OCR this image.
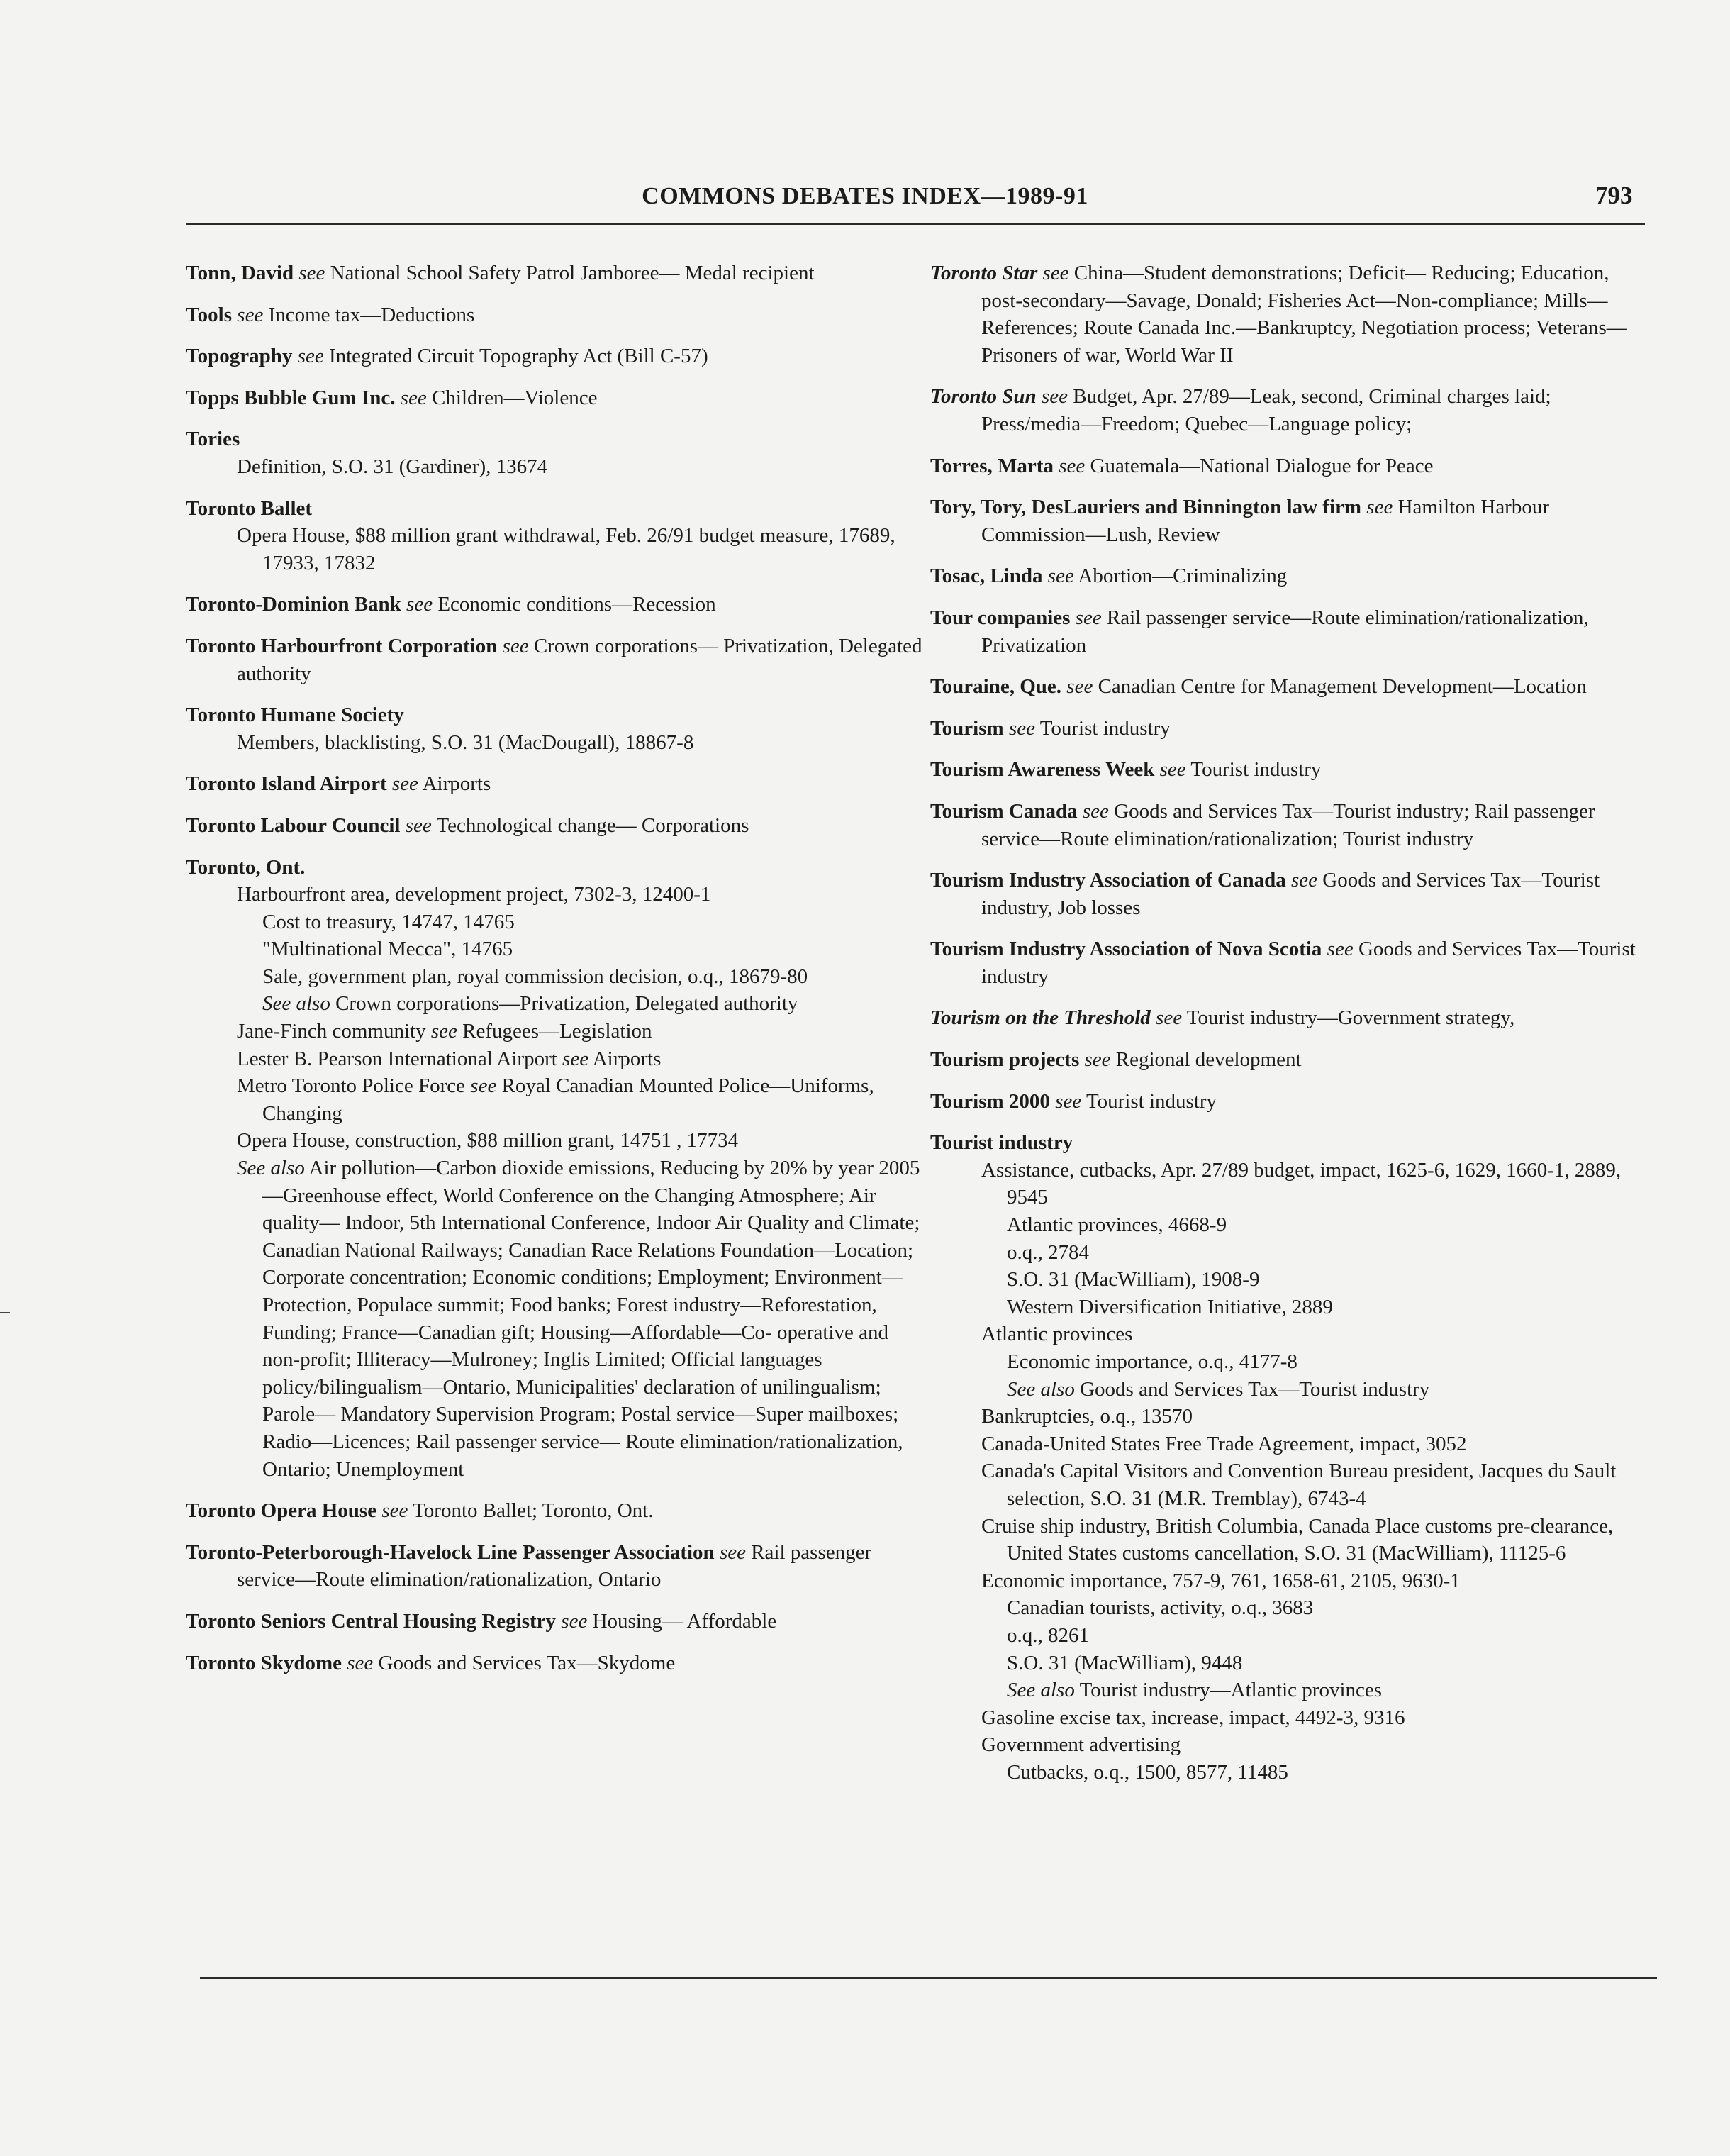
COMMONS DEBATES INDEX—1989-91	793

Tonn, David see National School Safety Patrol Jamboree— Medal recipient

Tools see Income tax—Deductions

Topography see Integrated Circuit Topography Act (Bill C-57)

Topps Bubble Gum Inc. see Children—Violence

Tories

Definition, S.O. 31 (Gardiner), 13674

Toronto Ballet

Opera House, $88 million grant withdrawal, Feb. 26/91 budget measure, 17689, 17933, 17832

Toronto-Dominion Bank see Economic conditions—Recession

Toronto Harbourfront Corporation see Crown corporations— Privatization, Delegated authority

Toronto Humane Society

Members, blacklisting, S.O. 31 (MacDougall), 18867-8

Toronto Island Airport see Airports

Toronto Labour Council see Technological change— Corporations

Toronto, Ont.

Harbourfront area, development project, 7302-3, 12400-1

Cost to treasury, 14747, 14765

"Multinational Mecca", 14765

Sale, government plan, royal commission decision, o.q., 18679-80

See also Crown corporations—Privatization, Delegated authority

Jane-Finch community see Refugees—Legislation

Lester B. Pearson International Airport see Airports

Metro Toronto Police Force see Royal Canadian Mounted Police—Uniforms, Changing

Opera House, construction, $88 million grant, 14751 , 17734

See also Air pollution—Carbon dioxide emissions, Reducing by 20% by year 2005—Greenhouse effect, World Conference on the Changing Atmosphere; Air quality— Indoor, 5th International Conference, Indoor Air Quality and Climate; Canadian National Railways; Canadian Race Relations Foundation—Location; Corporate concentration; Economic conditions; Employment; Environment—Protection, Populace summit; Food banks; Forest industry—Reforestation, Funding; France—Canadian gift; Housing—Affordable—Co- operative and non-profit; Illiteracy—Mulroney; Inglis Limited; Official languages policy/bilingualism—Ontario, Municipalities' declaration of unilingualism; Parole— Mandatory Supervision Program; Postal service—Super mailboxes; Radio—Licences; Rail passenger service— Route elimination/rationalization, Ontario; Unemployment

Toronto Opera House see Toronto Ballet; Toronto, Ont.

Toronto-Peterborough-Havelock Line Passenger Association see Rail passenger service—Route elimination/rationalization, Ontario

Toronto Seniors Central Housing Registry see Housing— Affordable

Toronto Skydome see Goods and Services Tax—Skydome

Toronto Star see China—Student demonstrations; Deficit— Reducing; Education, post-secondary—Savage, Donald; Fisheries Act—Non-compliance; Mills—References; Route Canada Inc.—Bankruptcy, Negotiation process; Veterans— Prisoners of war, World War II

Toronto Sun see Budget, Apr. 27/89—Leak, second, Criminal charges laid; Press/media—Freedom; Quebec—Language policy;

Torres, Marta see Guatemala—National Dialogue for Peace

Tory, Tory, DesLauriers and Binnington law firm see Hamilton Harbour Commission—Lush, Review

Tosac, Linda see Abortion—Criminalizing

Tour companies see Rail passenger service—Route elimination/rationalization, Privatization

Touraine, Que. see Canadian Centre for Management Development—Location

Tourism see Tourist industry

Tourism Awareness Week see Tourist industry

Tourism Canada see Goods and Services Tax—Tourist industry; Rail passenger service—Route elimination/rationalization; Tourist industry

Tourism Industry Association of Canada see Goods and Services Tax—Tourist industry, Job losses

Tourism Industry Association of Nova Scotia see Goods and Services Tax—Tourist industry

Tourism on the Threshold see Tourist industry—Government strategy,

Tourism projects see Regional development

Tourism 2000 see Tourist industry

Tourist industry

Assistance, cutbacks, Apr. 27/89 budget, impact, 1625-6, 1629, 1660-1, 2889, 9545

Atlantic provinces, 4668-9

o.q., 2784

S.O. 31 (MacWilliam), 1908-9

Western Diversification Initiative, 2889

Atlantic provinces

Economic importance, o.q., 4177-8

See also Goods and Services Tax—Tourist industry

Bankruptcies, o.q., 13570

Canada-United States Free Trade Agreement, impact, 3052

Canada's Capital Visitors and Convention Bureau president, Jacques du Sault selection, S.O. 31 (M.R. Tremblay), 6743-4

Cruise ship industry, British Columbia, Canada Place customs pre-clearance, United States customs cancellation, S.O. 31 (MacWilliam), 11125-6

Economic importance, 757-9, 761, 1658-61, 2105, 9630-1

Canadian tourists, activity, o.q., 3683

o.q., 8261

S.O. 31 (MacWilliam), 9448

See also Tourist industry—Atlantic provinces

Gasoline excise tax, increase, impact, 4492-3, 9316

Government advertising

Cutbacks, o.q., 1500, 8577, 11485
